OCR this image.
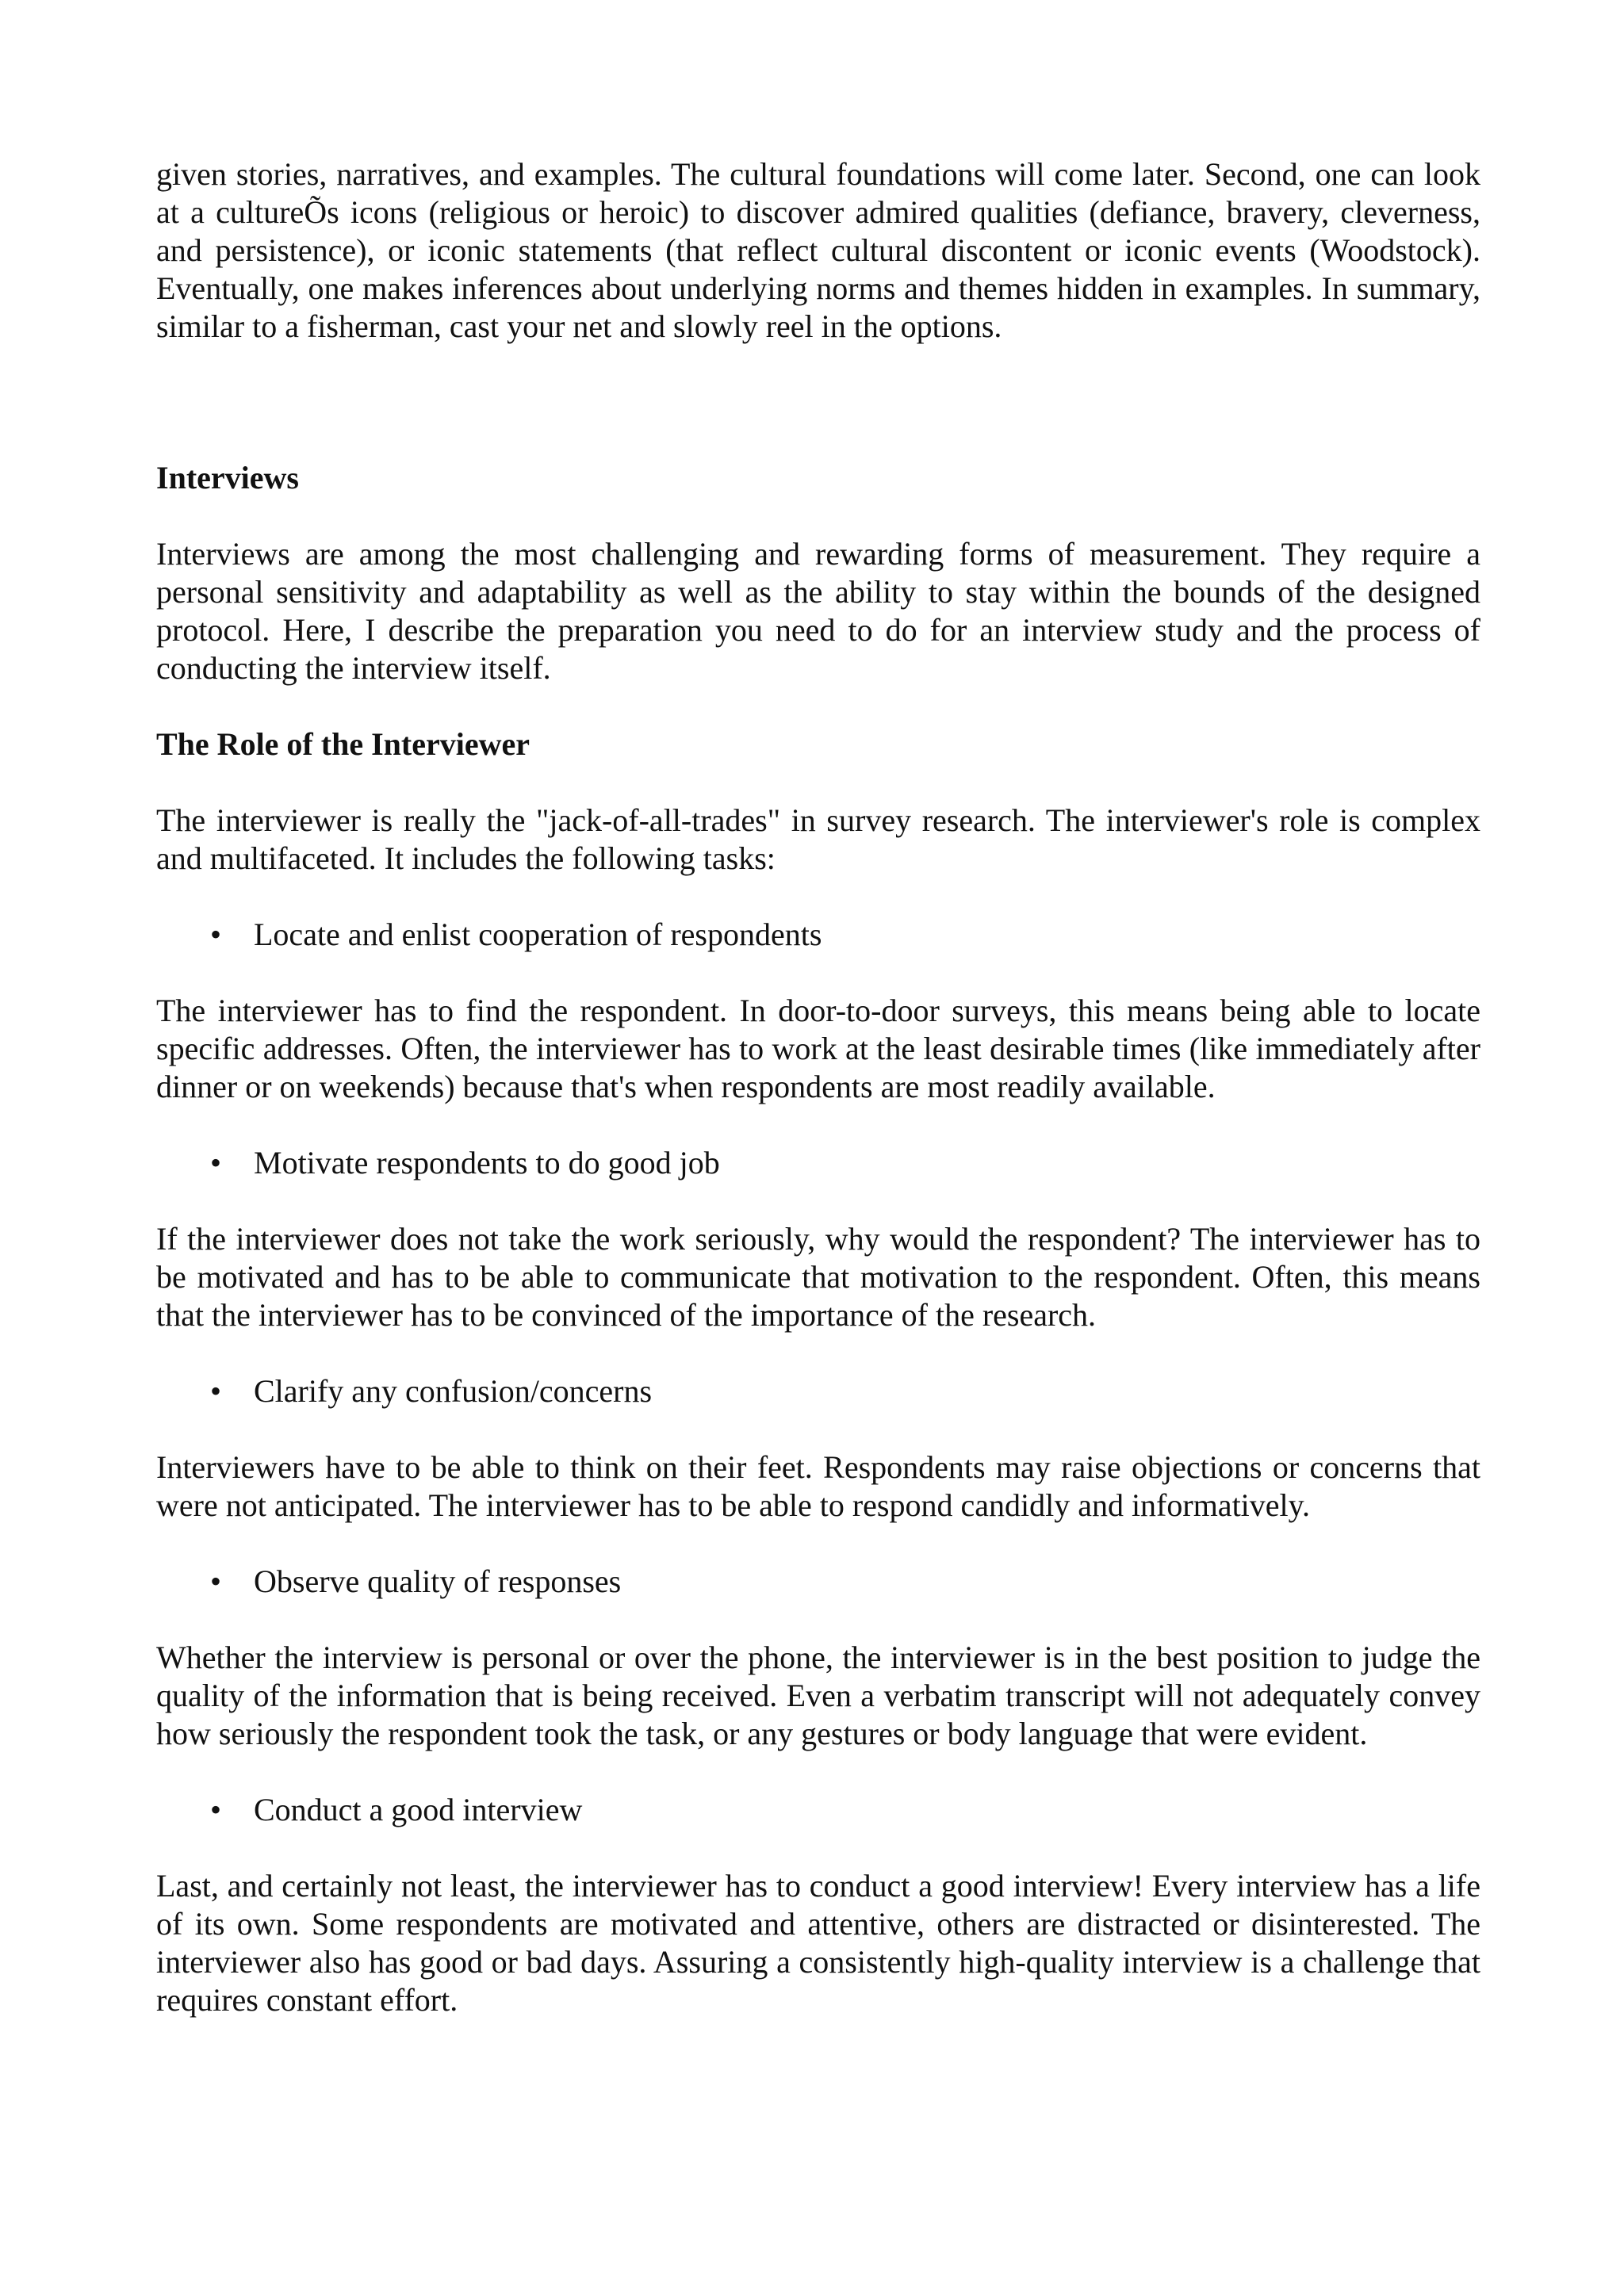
given stories, narratives, and examples. The cultural foundations will come later. Second, one can look at a cultureÕs icons (religious or heroic) to discover admired qualities (defiance, bravery, cleverness, and persistence), or iconic statements (that reflect cultural discontent or iconic events (Woodstock). Eventually, one makes inferences about underlying norms and themes hidden in examples. In summary, similar to a fisherman, cast your net and slowly reel in the options.

Interviews

Interviews are among the most challenging and rewarding forms of measurement. They require a personal sensitivity and adaptability as well as the ability to stay within the bounds of the designed protocol. Here, I describe the preparation you need to do for an interview study and the process of conducting the interview itself.

The Role of the Interviewer

The interviewer is really the "jack-of-all-trades" in survey research. The interviewer's role is complex and multifaceted. It includes the following tasks:

• Locate and enlist cooperation of respondents

The interviewer has to find the respondent. In door-to-door surveys, this means being able to locate specific addresses. Often, the interviewer has to work at the least desirable times (like immediately after dinner or on weekends) because that's when respondents are most readily available.

• Motivate respondents to do good job

If the interviewer does not take the work seriously, why would the respondent? The interviewer has to be motivated and has to be able to communicate that motivation to the respondent. Often, this means that the interviewer has to be convinced of the importance of the research.

• Clarify any confusion/concerns

Interviewers have to be able to think on their feet. Respondents may raise objections or concerns that were not anticipated. The interviewer has to be able to respond candidly and informatively.

• Observe quality of responses

Whether the interview is personal or over the phone, the interviewer is in the best position to judge the quality of the information that is being received. Even a verbatim transcript will not adequately convey how seriously the respondent took the task, or any gestures or body language that were evident.

• Conduct a good interview

Last, and certainly not least, the interviewer has to conduct a good interview! Every interview has a life of its own. Some respondents are motivated and attentive, others are distracted or disinterested. The interviewer also has good or bad days. Assuring a consistently high-quality interview is a challenge that requires constant effort.
